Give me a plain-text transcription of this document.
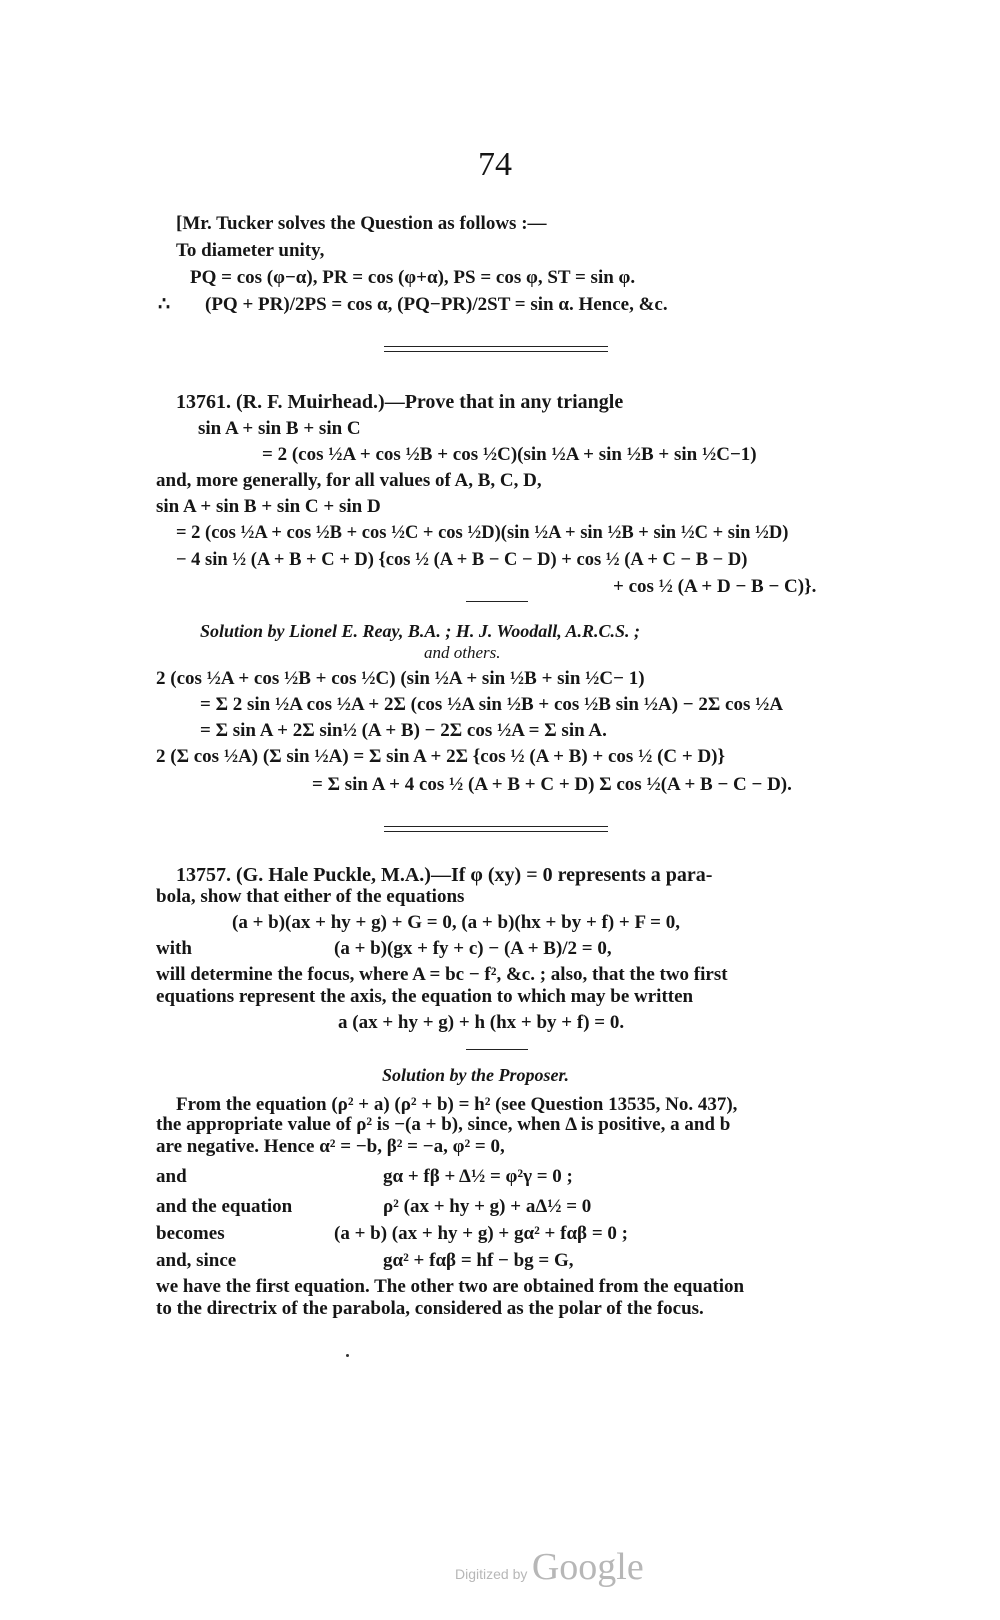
74
[Mr. Tucker solves the Question as follows :—
To diameter unity,
PQ = cos (φ−α), PR = cos (φ+α), PS = cos φ, ST = sin φ.
∴ (PQ + PR)/2PS = cos α, (PQ−PR)/2ST = sin α. Hence, &c.
13761. (R. F. Muirhead.)—Prove that in any triangle
sin A + sin B + sin C
= 2 (cos ½A + cos ½B + cos ½C)(sin ½A + sin ½B + sin ½C−1)
and, more generally, for all values of A, B, C, D,
sin A + sin B + sin C + sin D
= 2 (cos ½A + cos ½B + cos ½C + cos ½D)(sin ½A + sin ½B + sin ½C + sin ½D)
− 4 sin ½ (A + B + C + D) {cos ½ (A + B − C − D) + cos ½ (A + C − B − D)
+ cos ½ (A + D − B − C)}.
Solution by Lionel E. Reay, B.A. ; H. J. Woodall, A.R.C.S. ;
and others.
2 (cos ½A + cos ½B + cos ½C) (sin ½A + sin ½B + sin ½C− 1)
= Σ 2 sin ½A cos ½A + 2Σ (cos ½A sin ½B + cos ½B sin ½A) − 2Σ cos ½A
= Σ sin A + 2Σ sin½ (A + B) − 2Σ cos ½A = Σ sin A.
2 (Σ cos ½A) (Σ sin ½A) = Σ sin A + 2Σ {cos ½ (A + B) + cos ½ (C + D)}
= Σ sin A + 4 cos ½ (A + B + C + D) Σ cos ½(A + B − C − D).
13757. (G. Hale Puckle, M.A.)—If φ (xy) = 0 represents a para-
bola, show that either of the equations
(a + b)(ax + hy + g) + G = 0, (a + b)(hx + by + f) + F = 0,
with	(a + b)(gx + fy + c) − (A + B)/2 = 0,
will determine the focus, where A = bc − f², &c. ; also, that the two first
equations represent the axis, the equation to which may be written
a (ax + hy + g) + h (hx + by + f) = 0.
Solution by the Proposer.
From the equation (ρ² + a) (ρ² + b) = h² (see Question 13535, No. 437),
the appropriate value of ρ² is −(a + b), since, when Δ is positive, a and b
are negative. Hence α² = −b, β² = −a, φ² = 0,
and	gα + fβ + Δ½ = φ²γ = 0 ;
and the equation	ρ² (ax + hy + g) + aΔ½ = 0
becomes	(a + b) (ax + hy + g) + gα² + fαβ = 0 ;
and, since	gα² + fαβ = hf − bg = G,
we have the first equation. The other two are obtained from the equation
to the directrix of the parabola, considered as the polar of the focus.
Digitized by Google
